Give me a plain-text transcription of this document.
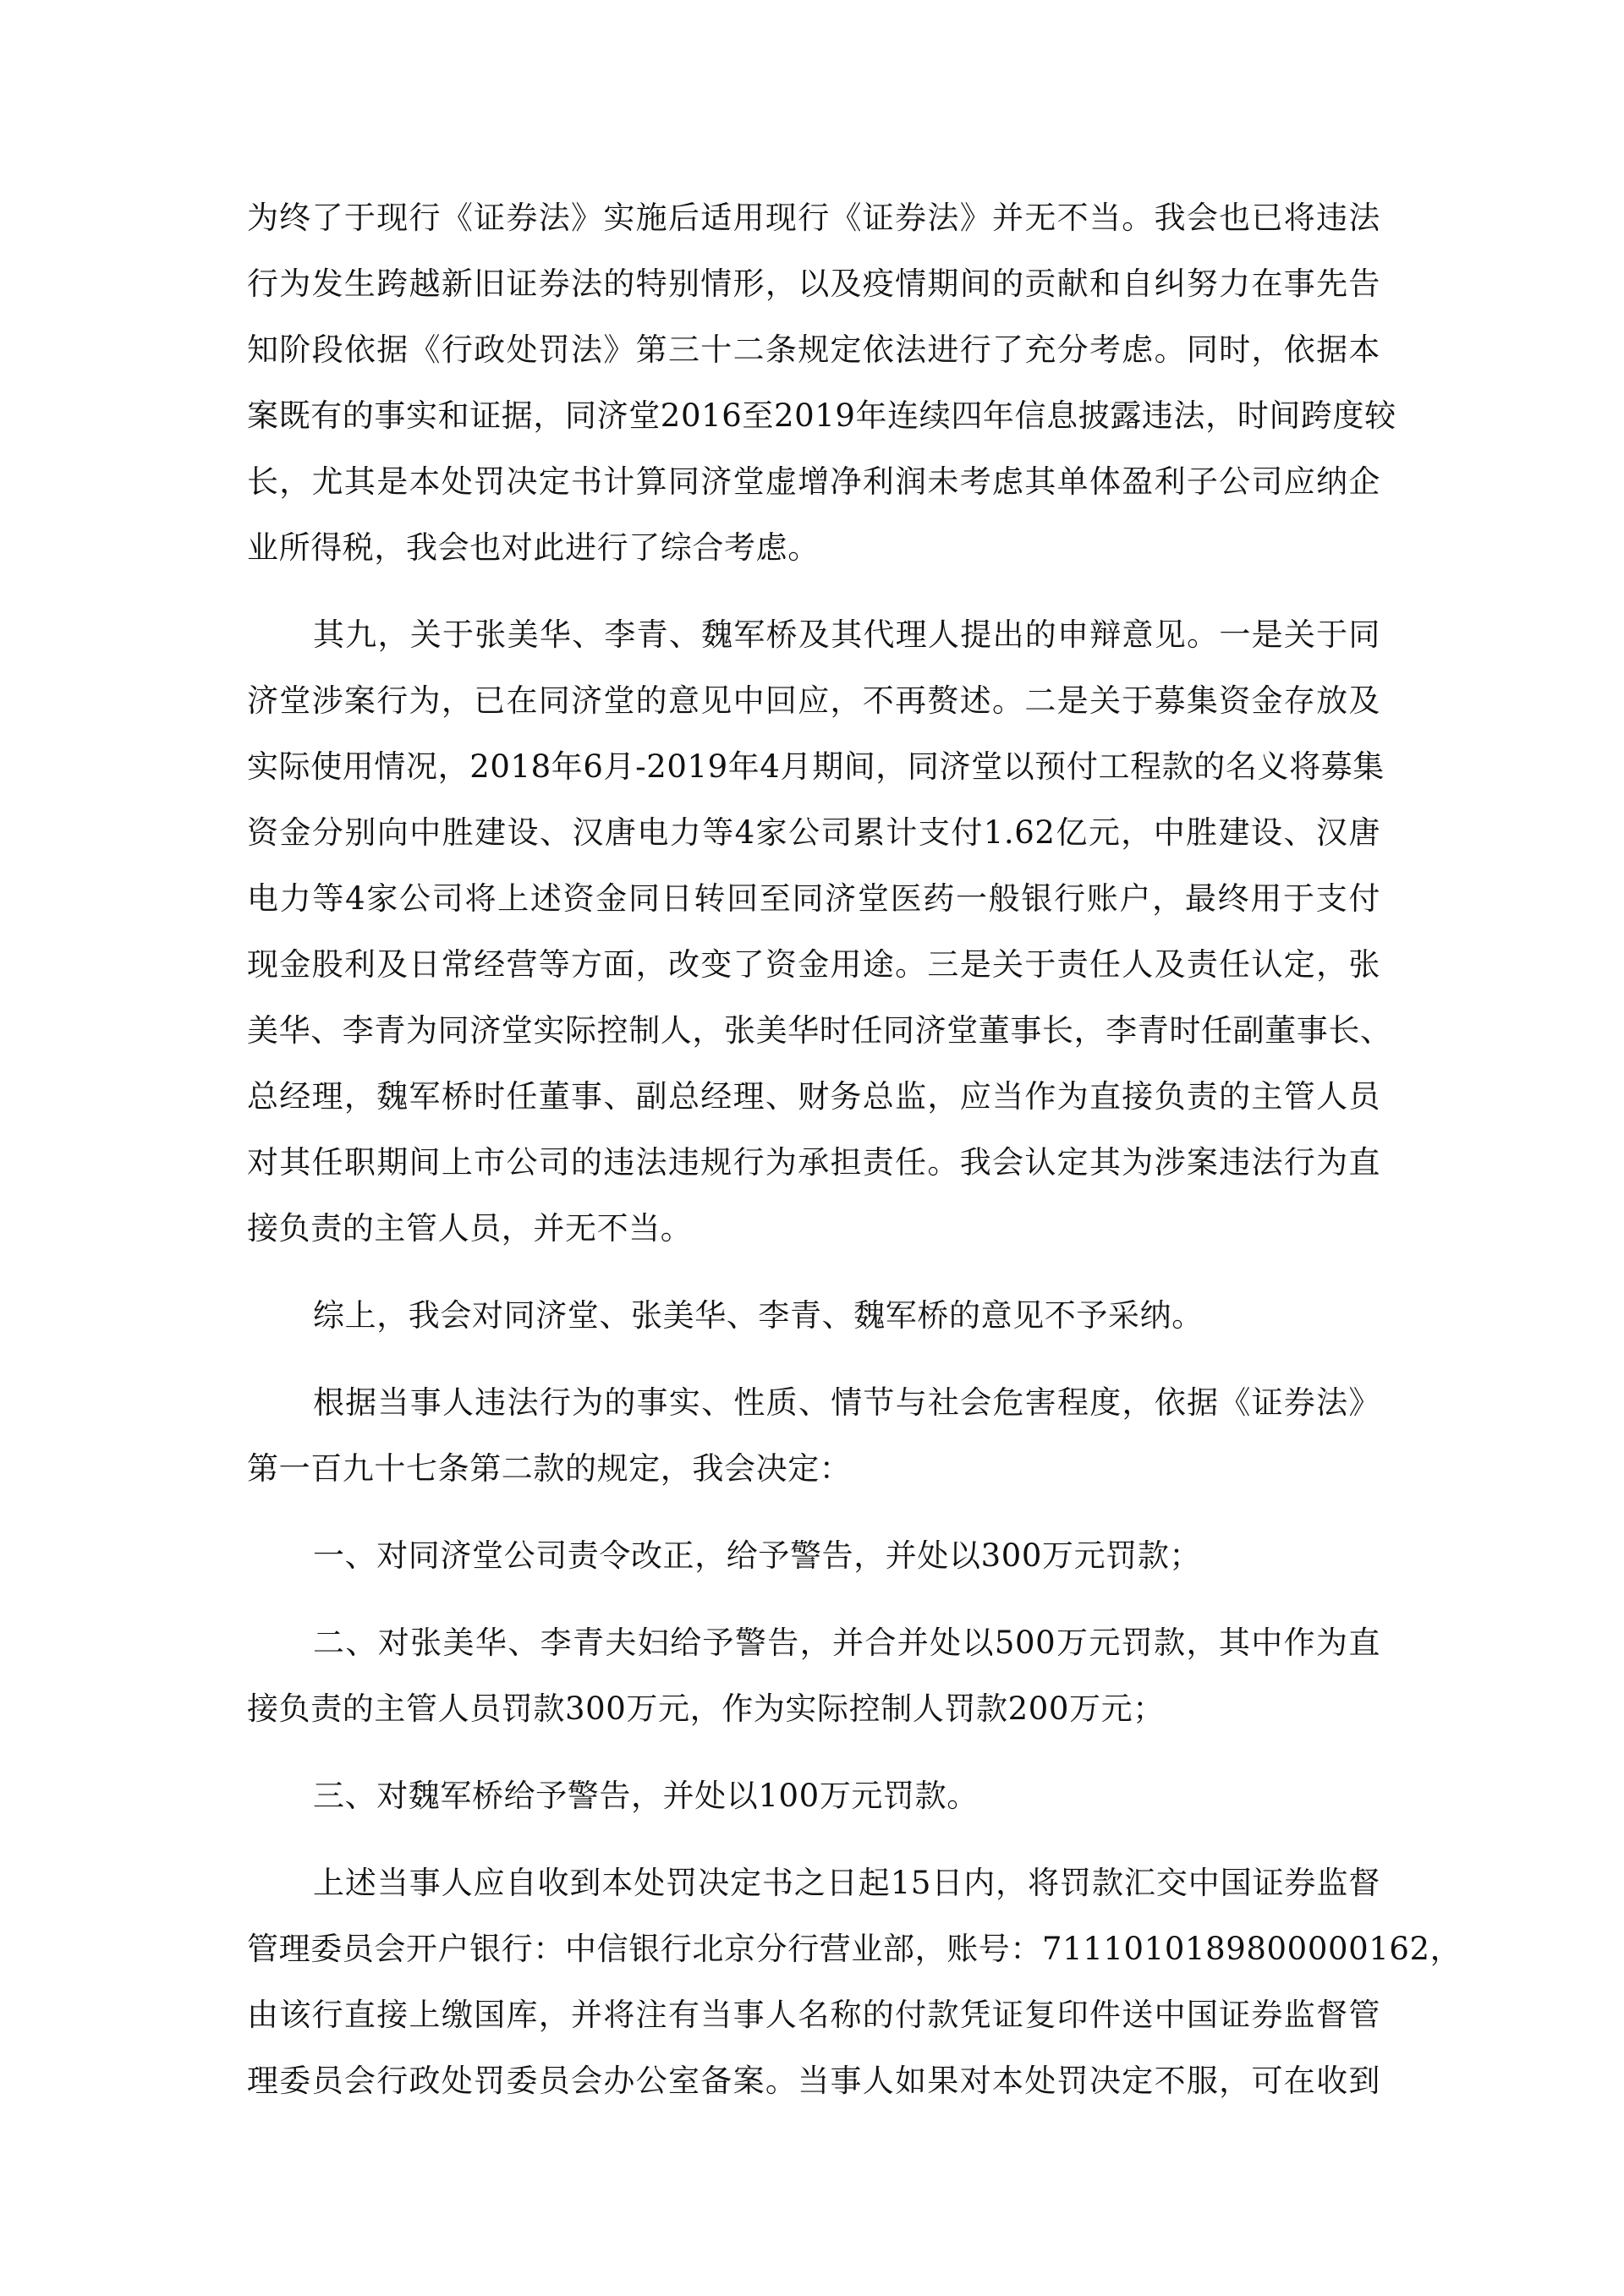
为终了于现行《证券法》实施后适用现行《证券法》并无不当。我会也已将违法
行为发生跨越新旧证券法的特别情形，以及疫情期间的贡献和自纠努力在事先告
知阶段依据《行政处罚法》第三十二条规定依法进行了充分考虑。同时，依据本
案既有的事实和证据，同济堂2016至2019年连续四年信息披露违法，时间跨度较
长，尤其是本处罚决定书计算同济堂虚增净利润未考虑其单体盈利子公司应纳企
业所得税，我会也对此进行了综合考虑。
其九，关于张美华、李青、魏军桥及其代理人提出的申辩意见。一是关于同
济堂涉案行为，已在同济堂的意见中回应，不再赘述。二是关于募集资金存放及
实际使用情况，2018年6月-2019年4月期间，同济堂以预付工程款的名义将募集
资金分别向中胜建设、汉唐电力等4家公司累计支付1.62亿元，中胜建设、汉唐
电力等4家公司将上述资金同日转回至同济堂医药一般银行账户，最终用于支付
现金股利及日常经营等方面，改变了资金用途。三是关于责任人及责任认定，张
美华、李青为同济堂实际控制人，张美华时任同济堂董事长，李青时任副董事长、
总经理，魏军桥时任董事、副总经理、财务总监，应当作为直接负责的主管人员
对其任职期间上市公司的违法违规行为承担责任。我会认定其为涉案违法行为直
接负责的主管人员，并无不当。
综上，我会对同济堂、张美华、李青、魏军桥的意见不予采纳。
根据当事人违法行为的事实、性质、情节与社会危害程度，依据《证券法》
第一百九十七条第二款的规定，我会决定：
一、对同济堂公司责令改正，给予警告，并处以300万元罚款；
二、对张美华、李青夫妇给予警告，并合并处以500万元罚款，其中作为直
接负责的主管人员罚款300万元，作为实际控制人罚款200万元；
三、对魏军桥给予警告，并处以100万元罚款。
上述当事人应自收到本处罚决定书之日起15日内，将罚款汇交中国证券监督
管理委员会开户银行：中信银行北京分行营业部，账号：7111010189800000162，
由该行直接上缴国库，并将注有当事人名称的付款凭证复印件送中国证券监督管
理委员会行政处罚委员会办公室备案。当事人如果对本处罚决定不服，可在收到
